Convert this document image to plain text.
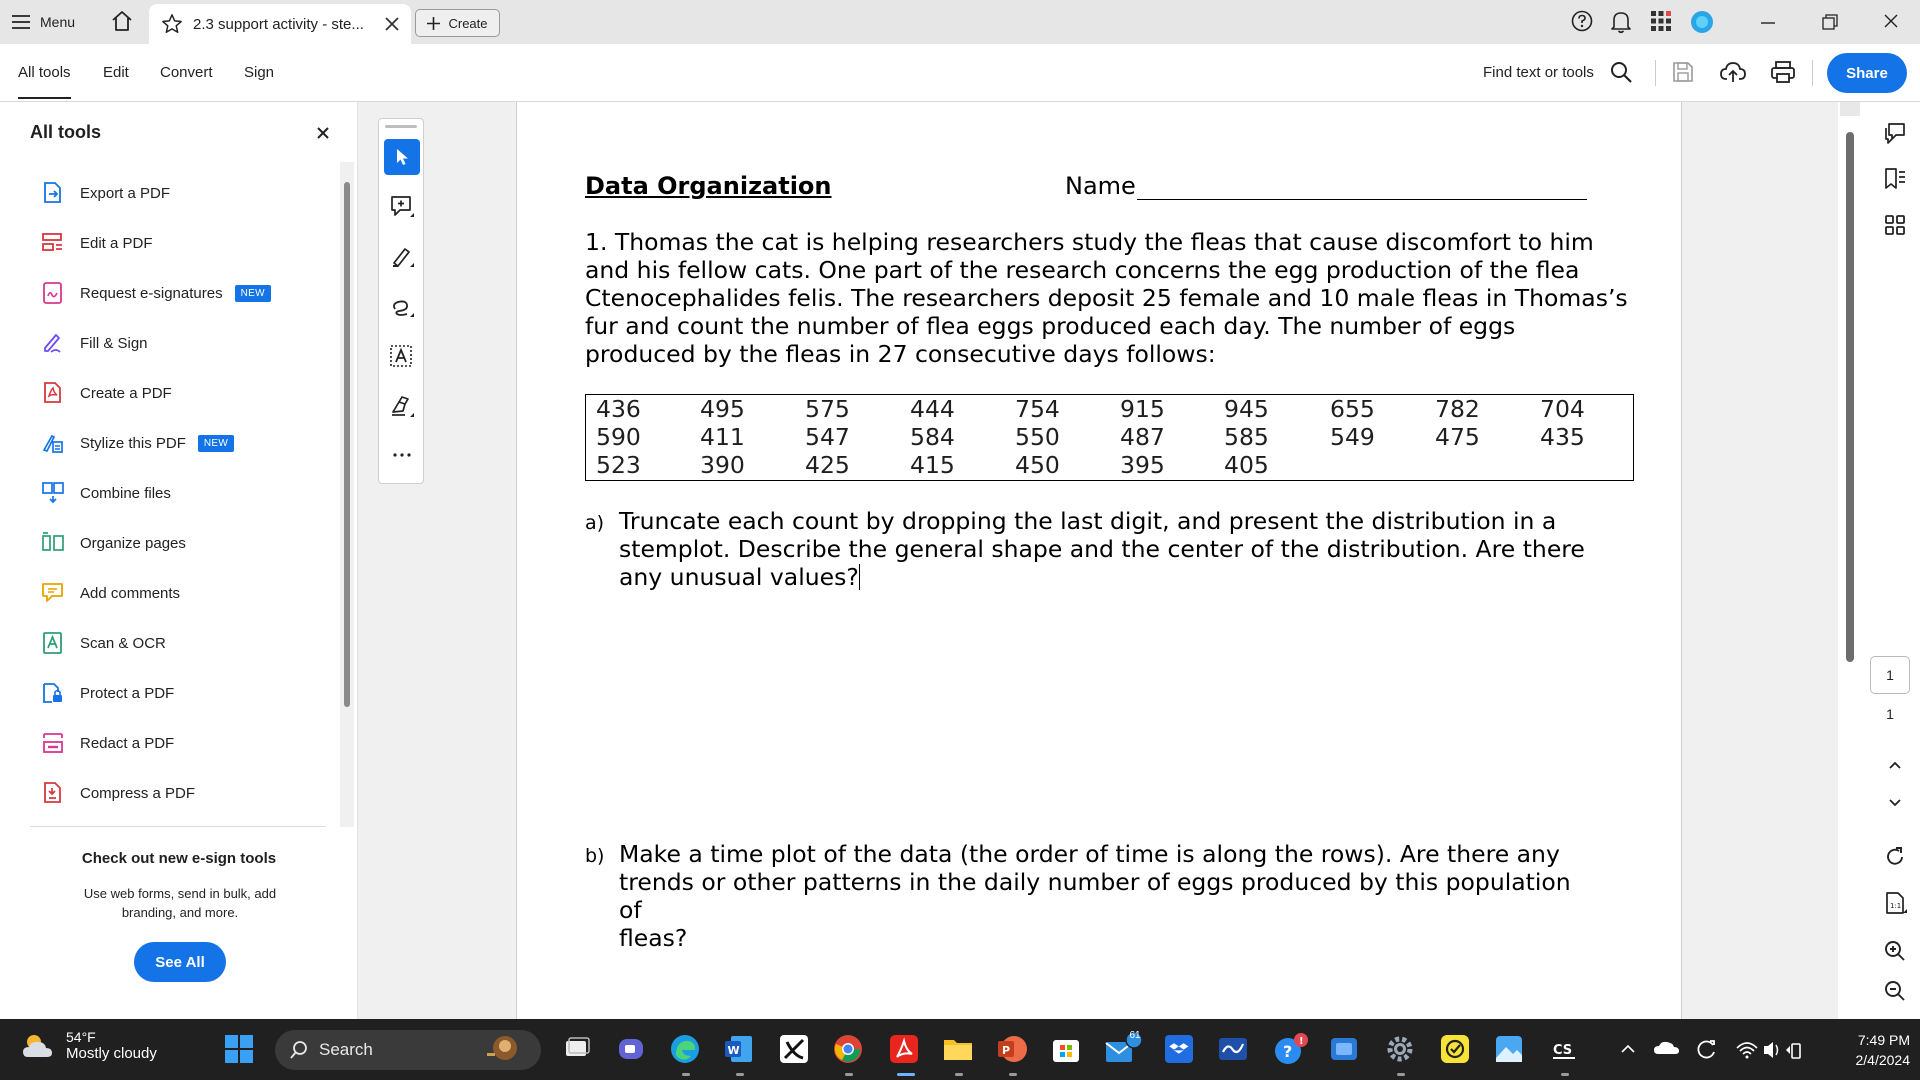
Menu	2.3 support activity - ste...	Create
All tools Edit Convert Sign	Find text or tools	Share
All tools
Export a PDF
Edit a PDF
Request e-signatures	NEW
Fill & Sign
Create a PDF
Stylize this PDF	NEW
Combine files
Organize pages
Add comments
Scan & OCR
Protect a PDF
Redact a PDF
Compress a PDF
Check out new e-sign tools
Use web forms, send in bulk, add branding, and more.
See All
Data Organization	Name
1. Thomas the cat is helping researchers study the fleas that cause discomfort to him
and his fellow cats. One part of the research concerns the egg production of the flea
Ctenocephalides felis. The researchers deposit 25 female and 10 male fleas in Thomas’s
fur and count the number of flea eggs produced each day. The number of eggs
produced by the fleas in 27 consecutive days follows:
436	495	575	444	754	915	945	655	782	704
590	411	547	584	550	487	585	549	475	435
523	390	425	415	450	395	405
a) Truncate each count by dropping the last digit, and present the distribution in a
stemplot. Describe the general shape and the center of the distribution. Are there
any unusual values?
b) Make a time plot of the data (the order of time is along the rows). Are there any
trends or other patterns in the daily number of eggs produced by this population of
fleas?
1
1
1:1
54°F
Mostly cloudy	Search	W	P
61
?
!
CS
7:49 PM
2/4/2024
